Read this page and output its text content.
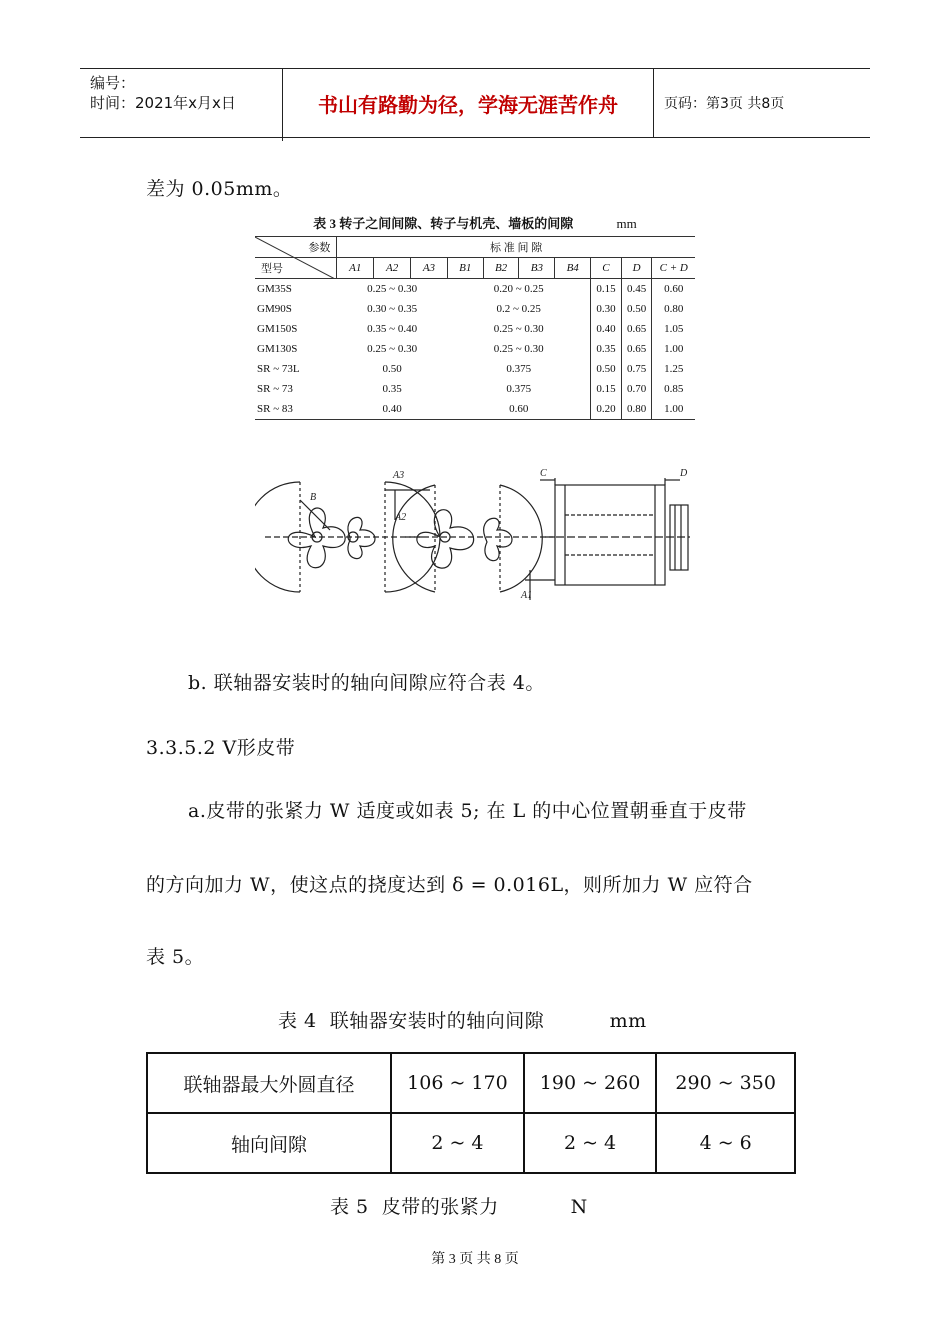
编号：
时间：2021年x月x日	书山有路勤为径，学海无涯苦作舟	页码：第3页 共8页
差为 0.05mm。
表 3 转子之间间隙、转子与机壳、墙板的间隙	mm
参数	标 准 间 隙									
型号	A1	A2	A3	B1	B2	B3	B4	C	D	C + D
GM35S	0.25 ~ 0.30			0.20 ~ 0.25				0.15	0.45	0.60
GM90S	0.30 ~ 0.35			0.2 ~ 0.25				0.30	0.50	0.80
GM150S	0.35 ~ 0.40			0.25 ~ 0.30				0.40	0.65	1.05
GM130S	0.25 ~ 0.30			0.25 ~ 0.30				0.35	0.65	1.00
SR ~ 73L	0.50			0.375				0.50	0.75	1.25
SR ~ 73	0.35			0.375				0.15	0.70	0.85
SR ~ 83	0.40			0.60				0.20	0.80	1.00
B
A3
A2
A1
C	D
b. 联轴器安装时的轴向间隙应符合表 4。
3.3.5.2 V形皮带
a.皮带的张紧力 W 适度或如表 5; 在 L 的中心位置朝垂直于皮带
的方向加力 W，使这点的挠度达到 δ = 0.016L，则所加力 W 应符合
表 5。
表 4  联轴器安装时的轴向间隙          mm
联轴器最大外圆直径	106 ~ 170	190 ~ 260	290 ~ 350
轴向间隙	2 ~ 4	2 ~ 4	4 ~ 6
表 5  皮带的张紧力           N
第 3 页 共 8 页
